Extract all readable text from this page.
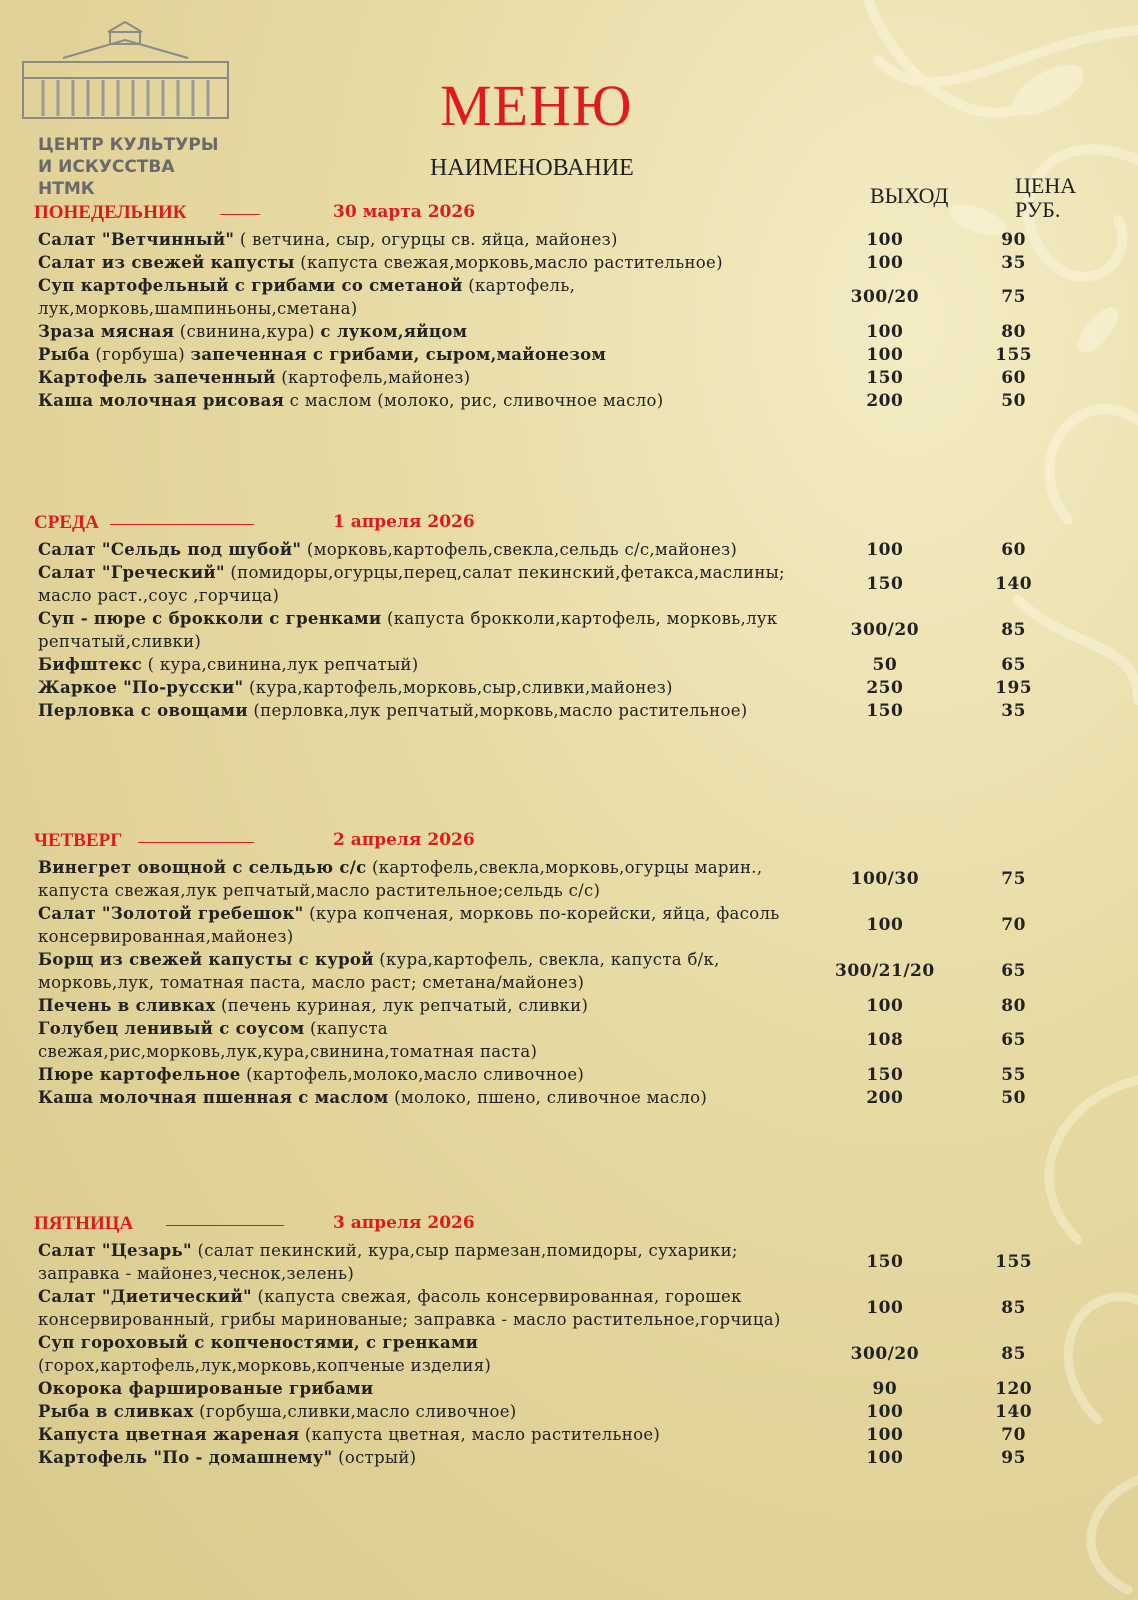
ЦЕНТР КУЛЬТУРЫ
И ИСКУССТВА НТМК
МЕНЮ
НАИМЕНОВАНИЕ
ВЫХОД	ЦЕНА
РУБ.
ПОНЕДЕЛЬНИК	30 марта 2026
Салат "Ветчинный" ( ветчина, сыр, огурцы св. яйца, майонез)	100	90
Салат из свежей капусты (капуста свежая,морковь,масло растительное)	100	35
Суп картофельный с грибами со сметаной (картофель, лук,морковь,шампиньоны,сметана)
300/20	75
Зраза мясная (свинина,кура) с луком,яйцом	100	80
Рыба (горбуша) запеченная с грибами, сыром,майонезом	100	155
Картофель запеченный (картофель,майонез)	150	60
Каша молочная рисовая с маслом (молоко, рис, сливочное масло)	200	50
СРЕДА	1 апреля 2026
Салат "Сельдь под шубой" (морковь,картофель,свекла,сельдь с/с,майонез)	100	60
Салат "Греческий" (помидоры,огурцы,перец,салат пекинский,фетакса,маслины; масло раст.,соус ,горчица)
150	140
Суп - пюре с брокколи с гренками (капуста брокколи,картофель, морковь,лук репчатый,сливки)
300/20	85
Бифштекс ( кура,свинина,лук репчатый)	50	65
Жаркое "По-русски" (кура,картофель,морковь,сыр,сливки,майонез)	250	195
Перловка с овощами (перловка,лук репчатый,морковь,масло растительное)	150	35
ЧЕТВЕРГ	2 апреля 2026
Винегрет овощной с сельдью с/с (картофель,свекла,морковь,огурцы марин., капуста свежая,лук репчатый,масло растительное;сельдь с/с)
100/30	75
Салат "Золотой гребешок" (кура копченая, морковь по-корейски, яйца, фасоль консервированная,майонез)
100	70
Борщ из свежей капусты с курой (кура,картофель, свекла, капуста б/к, морковь,лук, томатная паста, масло раст; сметана/майонез)
300/21/20	65
Печень в сливках (печень куриная, лук репчатый, сливки)	100	80
Голубец ленивый с соусом (капуста свежая,рис,морковь,лук,кура,свинина,томатная паста)
108	65
Пюре картофельное (картофель,молоко,масло сливочное)	150	55
Каша молочная пшенная с маслом (молоко, пшено, сливочное масло)	200	50
ПЯТНИЦА	3 апреля 2026
Салат "Цезарь" (салат пекинский, кура,сыр пармезан,помидоры, сухарики; заправка - майонез,чеснок,зелень)
150	155
Салат "Диетический" (капуста свежая, фасоль консервированная, горошек консервированный, грибы маринованые; заправка - масло растительное,горчица)
100	85
Суп гороховый с копченостями, с гренками (горох,картофель,лук,морковь,копченые изделия)
300/20	85
Окорока фаршированые грибами	90	120
Рыба в сливках (горбуша,сливки,масло сливочное)	100	140
Капуста цветная жареная (капуста цветная, масло растительное)	100	70
Картофель "По - домашнему" (острый)	100	95
